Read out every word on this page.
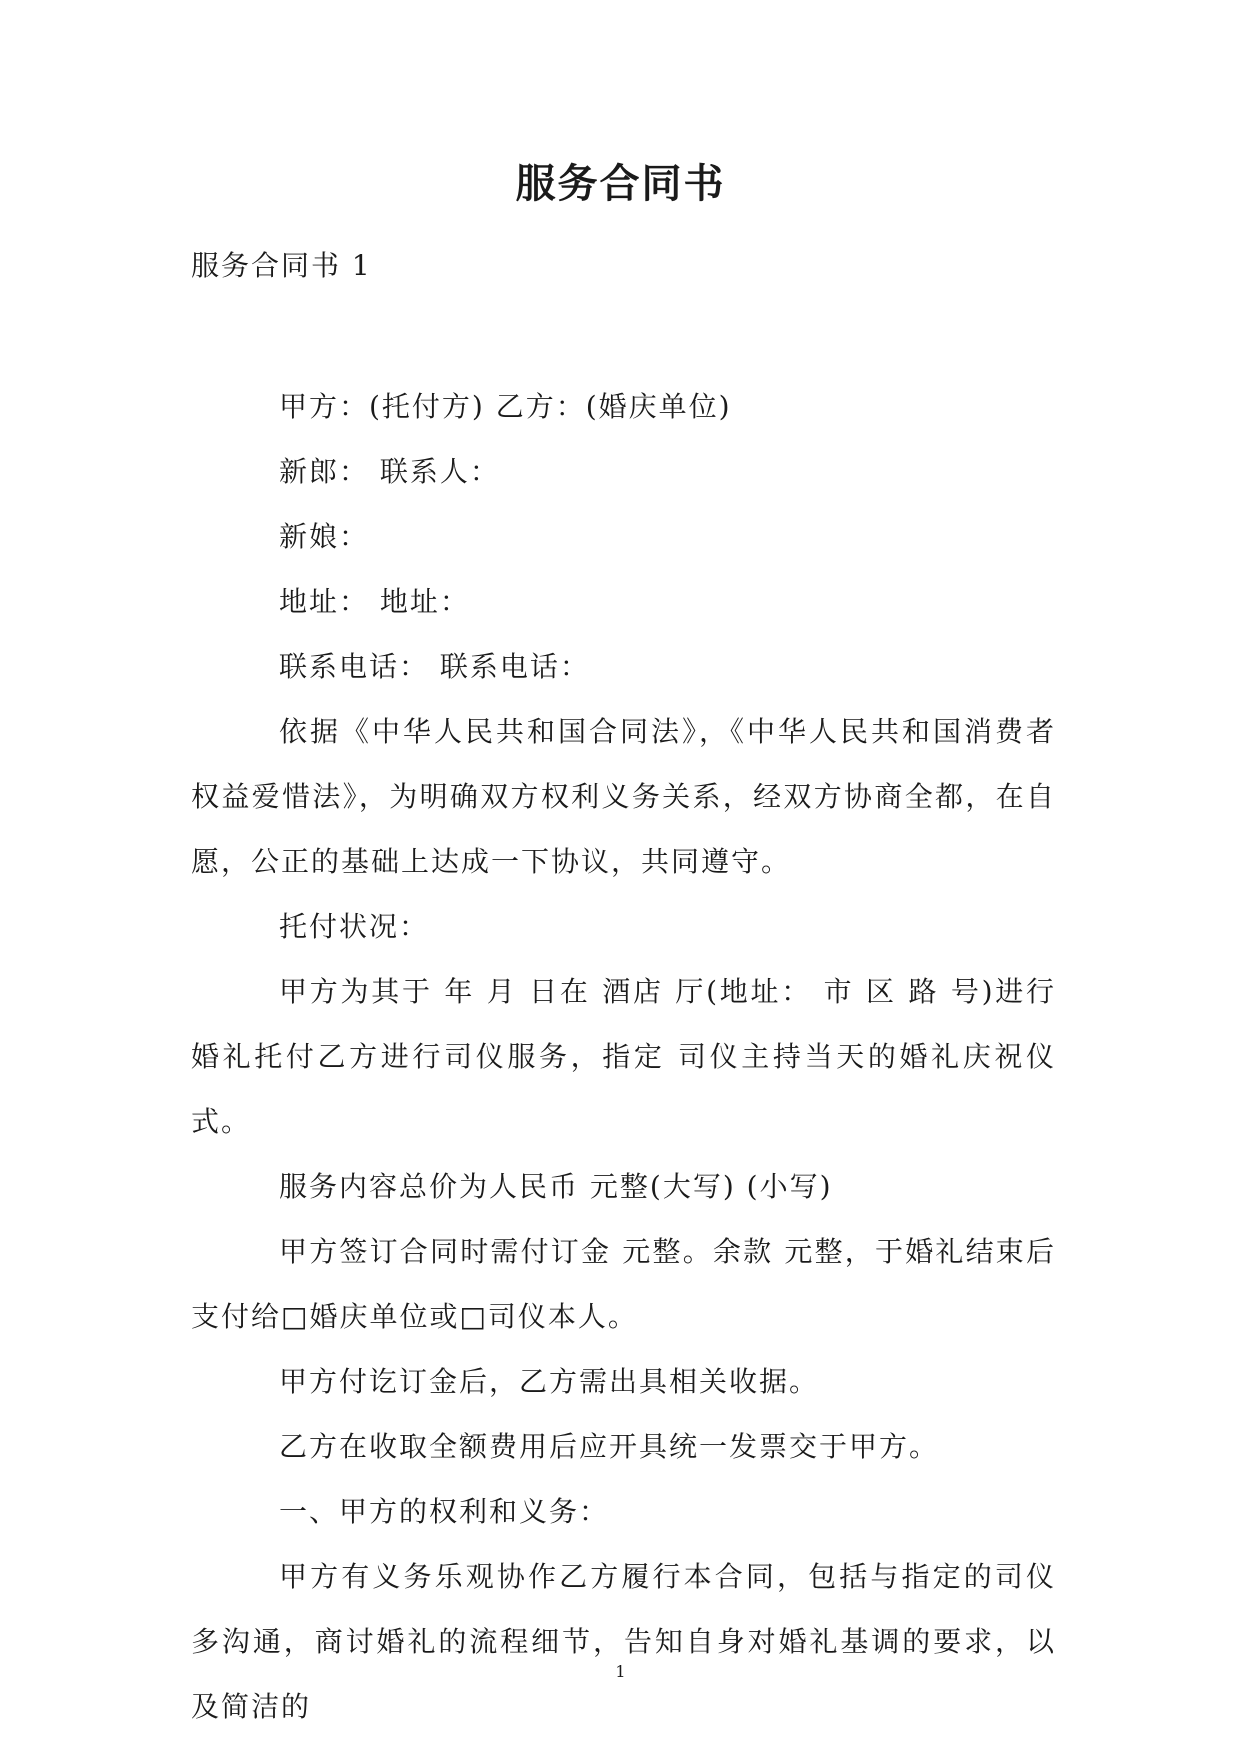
服务合同书

服务合同书 1

甲方：(托付方) 乙方：(婚庆单位)

新郎： 联系人：

新娘：

地址： 地址：

联系电话： 联系电话：

依据《中华人民共和国合同法》，《中华人民共和国消费者权益爱惜法》，为明确双方权利义务关系，经双方协商全都，在自愿，公正的基础上达成一下协议，共同遵守。

托付状况：

甲方为其于 年 月 日在 酒店 厅(地址： 市 区 路 号)进行婚礼托付乙方进行司仪服务，指定 司仪主持当天的婚礼庆祝仪式。

服务内容总价为人民币 元整(大写) (小写)

甲方签订合同时需付订金 元整。余款 元整，于婚礼结束后支付给□婚庆单位或□司仪本人。

甲方付讫订金后，乙方需出具相关收据。

乙方在收取全额费用后应开具统一发票交于甲方。

一、甲方的权利和义务：

甲方有义务乐观协作乙方履行本合同，包括与指定的司仪多沟通，商讨婚礼的流程细节，告知自身对婚礼基调的要求，以及简洁的

1
